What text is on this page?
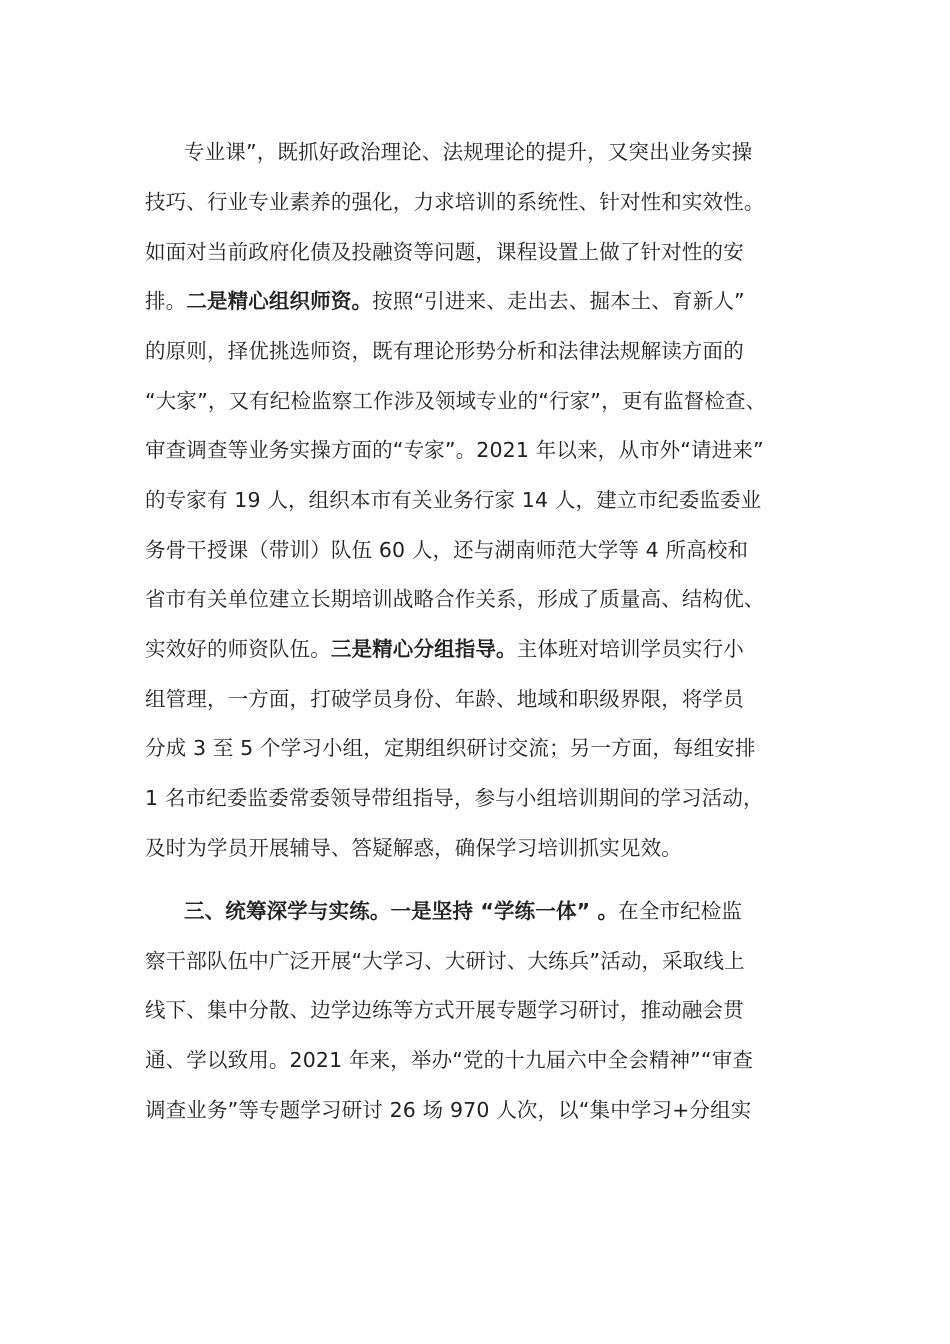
专业课”，既抓好政治理论、法规理论的提升，又突出业务实操
技巧、行业专业素养的强化，力求培训的系统性、针对性和实效性。
如面对当前政府化债及投融资等问题，课程设置上做了针对性的安
排。二是精心组织师资。按照“引进来、走出去、掘本土、育新人”
的原则，择优挑选师资，既有理论形势分析和法律法规解读方面的
“大家”，又有纪检监察工作涉及领域专业的“行家”，更有监督检查、
审查调查等业务实操方面的“专家”。2021 年以来，从市外“请进来”
的专家有 19 人，组织本市有关业务行家 14 人，建立市纪委监委业
务骨干授课（带训）队伍 60 人，还与湖南师范大学等 4 所高校和
省市有关单位建立长期培训战略合作关系，形成了质量高、结构优、
实效好的师资队伍。三是精心分组指导。主体班对培训学员实行小
组管理，一方面，打破学员身份、年龄、地域和职级界限，将学员
分成 3 至 5 个学习小组，定期组织研讨交流；另一方面，每组安排
1 名市纪委监委常委领导带组指导，参与小组培训期间的学习活动，
及时为学员开展辅导、答疑解惑，确保学习培训抓实见效。
三、统筹深学与实练。一是坚持 “学练一体” 。在全市纪检监
察干部队伍中广泛开展“大学习、大研讨、大练兵”活动，采取线上
线下、集中分散、边学边练等方式开展专题学习研讨，推动融会贯
通、学以致用。2021 年来，举办“党的十九届六中全会精神”“审查
调查业务”等专题学习研讨 26 场 970 人次，以“集中学习+分组实
